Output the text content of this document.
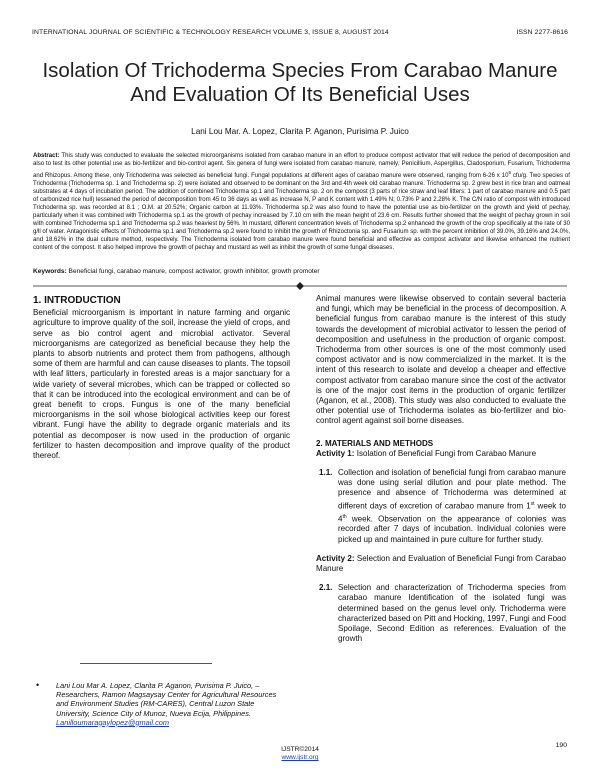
INTERNATIONAL JOURNAL OF SCIENTIFIC & TECHNOLOGY RESEARCH VOLUME 3, ISSUE 8, AUGUST 2014	ISSN 2277-8616
Isolation Of Trichoderma Species From Carabao Manure And Evaluation Of Its Beneficial Uses
Lani Lou Mar. A. Lopez, Clarita P. Aganon, Purisima P. Juico
Abstract: This study was conducted to evaluate the selected microorganisms isolated from carabao manure in an effort to produce compost activator that will reduce the period of decomposition and also to test its other potential use as bio-fertilizer and bio-control agent. Six genera of fungi were isolated from carabao manure, namely; Penicillium, Aspergillus, Cladosporium, Fusarium, Trichoderma and Rhizopus. Among these, only Trichoderma was selected as beneficial fungi. Fungal populations at different ages of carabao manure were observed, ranging from 6-26 x $10^5$ cfu/g. Two species of Trichoderma (Trichoderma sp. 1 and Trichoderma sp. 2) were isolated and observed to be dominant on the 3rd and 4th week old carabao manure. Trichoderma sp. 2 grew best in rice bran and oatmeal substrates at 4 days of incubation period. The addition of combined Trichoderma sp.1 and Trichoderma sp. 2 on the compost (3 parts of rice straw and leaf litters: 1 part of carabao manure and 0.5 part of carbonized rice hull) lessened the period of decomposition from 45 to 36 days as well as increase N, P and K content with 1.49% N; 0.73% P and 2.28% K. The C/N ratio of compost with introduced Trichoderma sp. was recorded at 8.1 ; O.M. at 20.52%; Organic carbon at 11.93%. Trichoderma sp.2 was also found to have the potential use as bio-fertilizer on the growth and yield of pechay, particularly when it was combined with Trichoderma sp.1 as the growth of pechay increased by 7.10 cm with the mean height of 23.6 cm. Results further showed that the weight of pechay grown in soil with combined Trichoderma sp.1 and Trichoderma sp.2 was heaviest by 56%. In mustard, different concentration levels of Trichoderma sp.2 enhanced the growth of the crop specifically at the rate of 30 g/ll of water. Antagonistic effects of Trichoderma sp.1 and Trichoderma sp.2 were found to inhibit the growth of Rhizoctonia sp. and Fusarium sp. with the percent inhibition of 39.0%, 39.16% and 24.0%, and 18.62% in the dual culture method, respectively. The Trichoderma isolated from carabao manure were found beneficial and effective as compost activator and likewise enhanced the nutrient content of the compost. It also helped improve the growth of pechay and mustard as well as inhibit the growth of some fungal diseases.
Keywords: Beneficial fungi, carabao manure, compost activator, growth inhibitor, growth promoter
1. INTRODUCTION

Beneficial microorganism is important in nature farming and organic agriculture to improve quality of the soil, increase the yield of crops, and serve as bio control agent and microbial activator. Several microorganisms are categorized as beneficial because they help the plants to absorb nutrients and protect them from pathogens, although some of them are harmful and can cause diseases to plants. The topsoil with leaf litters, particularly in forested areas is a major sanctuary for a wide variety of several microbes, which can be trapped or collected so that it can be introduced into the ecological environment and can be of great benefit to crops. Fungus is one of the many beneficial microorganisms in the soil whose biological activities keep our forest vibrant. Fungi have the ability to degrade organic materials and its potential as decomposer is now used in the production of organic fertilizer to hasten decomposition and improve quality of the product thereof.

Animal manures were likewise observed to contain several bacteria and fungi, which may be beneficial in the process of decomposition. A beneficial fungus from carabao manure is the interest of this study towards the development of microbial activator to lessen the period of decomposition and usefulness in the production of organic compost. Trichoderma from other sources is one of the most commonly used compost activator and is now commercialized in the market. It is the intent of this research to isolate and develop a cheaper and effective compost activator from carabao manure since the cost of the activator is one of the major cost items in the production of organic fertilizer (Aganon, et al., 2008). This study was also conducted to evaluate the other potential use of Trichoderma isolates as bio-fertilizer and bio-control agent against soil borne diseases.

2. MATERIALS AND METHODS

Activity 1: Isolation of Beneficial Fungi from Carabao Manure

1.1. Collection and isolation of beneficial fungi from carabao manure was done using serial dilution and pour plate method. The presence and absence of Trichoderma was determined at different days of excretion of carabao manure from 1st week to 4th week. Observation on the appearance of colonies was recorded after 7 days of incubation. Individual colonies were picked up and maintained in pure culture for further study.

Activity 2: Selection and Evaluation of Beneficial Fungi from Carabao Manure

2.1. Selection and characterization of Trichoderma species from carabao manure Identification of the isolated fungi was determined based on the genus level only. Trichoderma were characterized based on Pitt and Hocking, 1997, Fungi and Food Spoilage, Second Edition as references. Evaluation of the growth
•	Lani Lou Mar A. Lopez, Clarita P. Aganon, Purisima P. Juico, – Researchers, Ramon Magsaysay Center for Agricultural Resources and Environment Studies (RM-CARES), Central Luzon State University, Science City of Munoz, Nueva Ecija, Philippines.
Lanilloumaragaylopez@gmail.com
IJSTR©2014
www.ijstr.org
190
